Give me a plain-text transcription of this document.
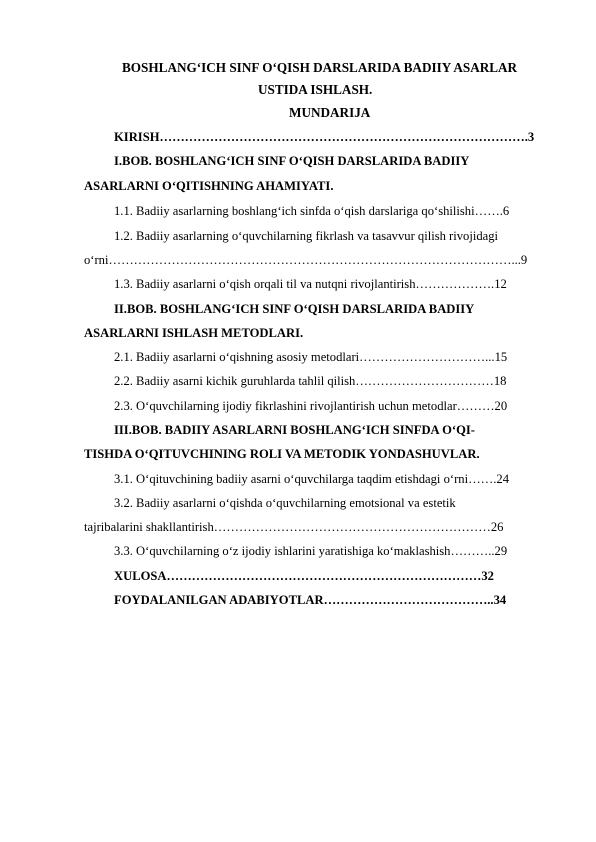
BOSHLANG‘ICH SINF O‘QISH DARSLARIDA BADIIY ASARLAR
USTIDA ISHLASH.
MUNDARIJA
KIRISH…………………………………………………………………………….3
I.BOB. BOSHLANG‘ICH SINF O‘QISH DARSLARIDA BADIIY
ASARLARNI O‘QITISHNING AHAMIYATI.
1.1. Badiiy asarlarning boshlang‘ich sinfda o‘qish darslariga qo‘shilishi…….6
1.2. Badiiy asarlarning o‘quvchilarning fikrlash va tasavvur qilish rivojidagi
o‘rni……………………………………………………………………………………...9
1.3. Badiiy asarlarni o‘qish orqali til va nutqni rivojlantirish……………….12
II.BOB. BOSHLANG‘ICH SINF O‘QISH DARSLARIDA BADIIY
ASARLARNI ISHLASH METODLARI.
2.1. Badiiy asarlarni o‘qishning asosiy metodlari…………………………...15
2.2. Badiiy asarni kichik guruhlarda tahlil qilish……………………………18
2.3. O‘quvchilarning ijodiy fikrlashini rivojlantirish uchun metodlar………20
III.BOB. BADIIY ASARLARNI BOSHLANG‘ICH SINFDA O‘QI-
TISHDA O‘QITUVCHINING ROLI VA METODIK YONDASHUVLAR.
3.1. O‘qituvchining badiiy asarni o‘quvchilarga taqdim etishdagi o‘rni…….24
3.2. Badiiy asarlarni o‘qishda o‘quvchilarning emotsional va estetik
tajribalarini shakllantirish…………………………………………………………26
3.3. O‘quvchilarning o‘z ijodiy ishlarini yaratishiga ko‘maklashish………..29
XULOSA…………………………………………………………………32
FOYDALANILGAN ADABIYOTLAR…………………………………..34
